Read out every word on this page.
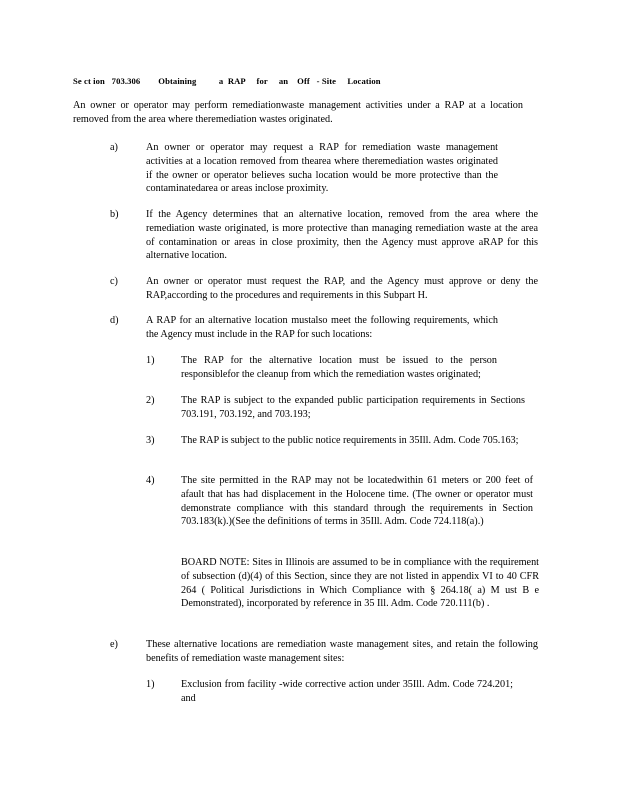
Se ct ion   703.306        Obtaining          a  RAP     for     an    Off   - Site     Location

An owner or operator may perform remediationwaste management activities under a RAP at a location removed from the area where theremediation wastes originated.

a)	An owner or operator may request a RAP for remediation waste management activities at a location removed from thearea where theremediation wastes originated if the owner or operator believes sucha location would be more protective than the contaminatedarea or areas inclose proximity.

b)	If the Agency determines that an alternative location, removed from the area where the remediation waste originated, is more protective than managing remediation waste at the area of contamination or areas in close proximity, then the Agency must approve aRAP for this alternative location.

c)	An owner or operator must request the RAP, and the Agency must approve or deny the RAP,according to the procedures and requirements in this Subpart H.

d)	A RAP for an alternative location mustalso meet the following requirements, which the Agency must include in the RAP for such locations:

1)	The RAP for the alternative location must be issued to the person responsiblefor the cleanup from which the remediation wastes originated;

2)	The RAP is subject to the expanded public participation requirements in Sections 703.191, 703.192, and 703.193;

3)	The RAP is subject to the public notice requirements in 35Ill. Adm. Code 705.163;

4)	The site permitted in the RAP may not be locatedwithin 61 meters or 200 feet of afault that has had displacement in the Holocene time. (The owner or operator must demonstrate compliance with this standard through the requirements in Section 703.183(k).)(See the definitions of terms in 35Ill. Adm. Code 724.118(a).)

BOARD NOTE: Sites in Illinois are assumed to be in compliance with the requirement of subsection (d)(4) of this Section, since they are not listed in appendix VI to 40 CFR 264 ( Political Jurisdictions in Which Compliance with § 264.18( a) M ust B e Demonstrated), incorporated by reference in 35 Ill. Adm. Code 720.111(b) .

e)	These alternative locations are remediation waste management sites, and retain the following benefits of remediation waste management sites:

1)	Exclusion from facility -wide corrective action under 35Ill. Adm. Code 724.201; and
